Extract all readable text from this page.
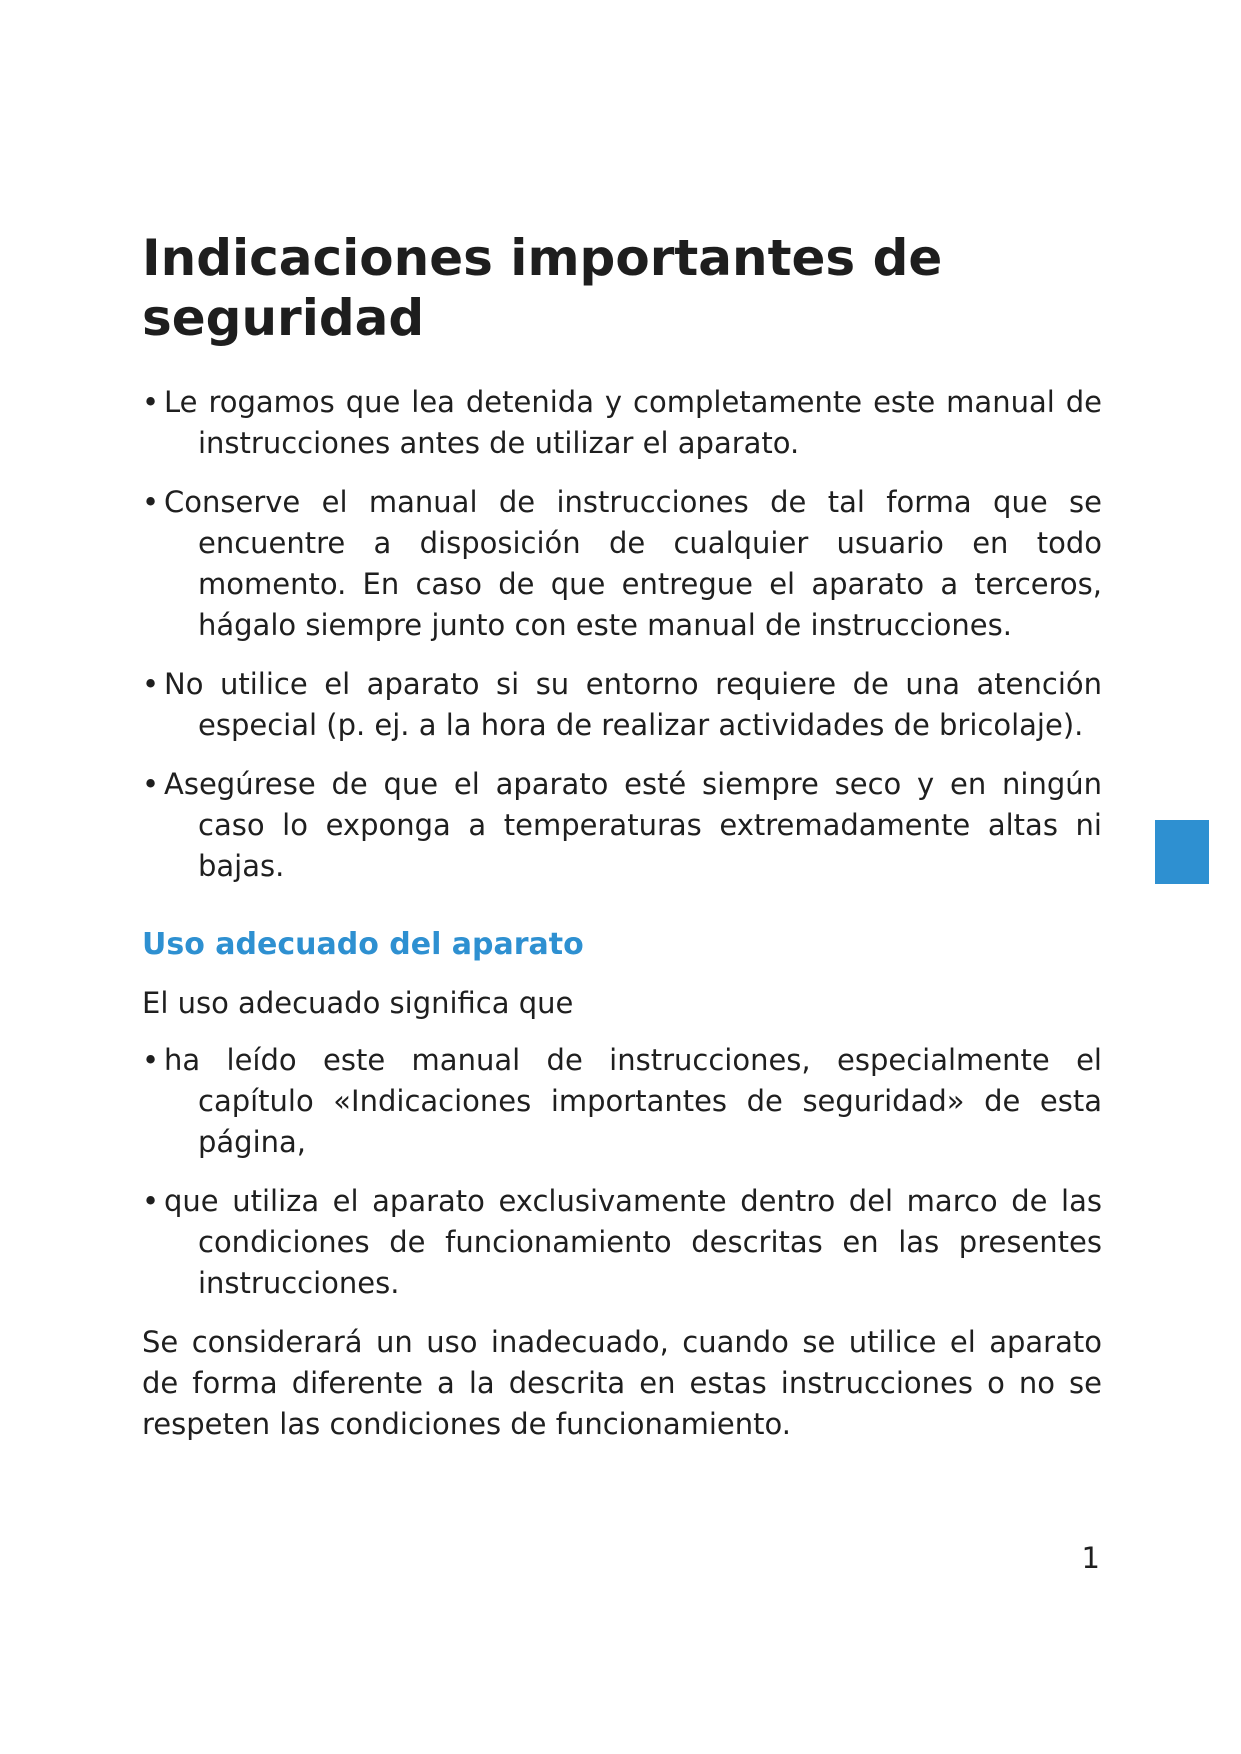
Indicaciones importantes de seguridad
• Le rogamos que lea detenida y completamente este manual de instrucciones antes de utilizar el aparato.
• Conserve el manual de instrucciones de tal forma que se encuentre a disposición de cualquier usuario en todo momento. En caso de que entregue el aparato a terceros, hágalo siempre junto con este manual de instrucciones.
• No utilice el aparato si su entorno requiere de una atención especial (p. ej. a la hora de realizar actividades de bricolaje).
• Asegúrese de que el aparato esté siempre seco y en ningún caso lo exponga a temperaturas extremadamente altas ni bajas.
Uso adecuado del aparato

El uso adecuado significa que

• ha leído este manual de instrucciones, especialmente el capítulo «Indicaciones importantes de seguridad» de esta página,
• que utiliza el aparato exclusivamente dentro del marco de las condiciones de funcionamiento descritas en las presentes instrucciones.

Se considerará un uso inadecuado, cuando se utilice el aparato de forma diferente a la descrita en estas instrucciones o no se respeten las condiciones de funcionamiento.

1
